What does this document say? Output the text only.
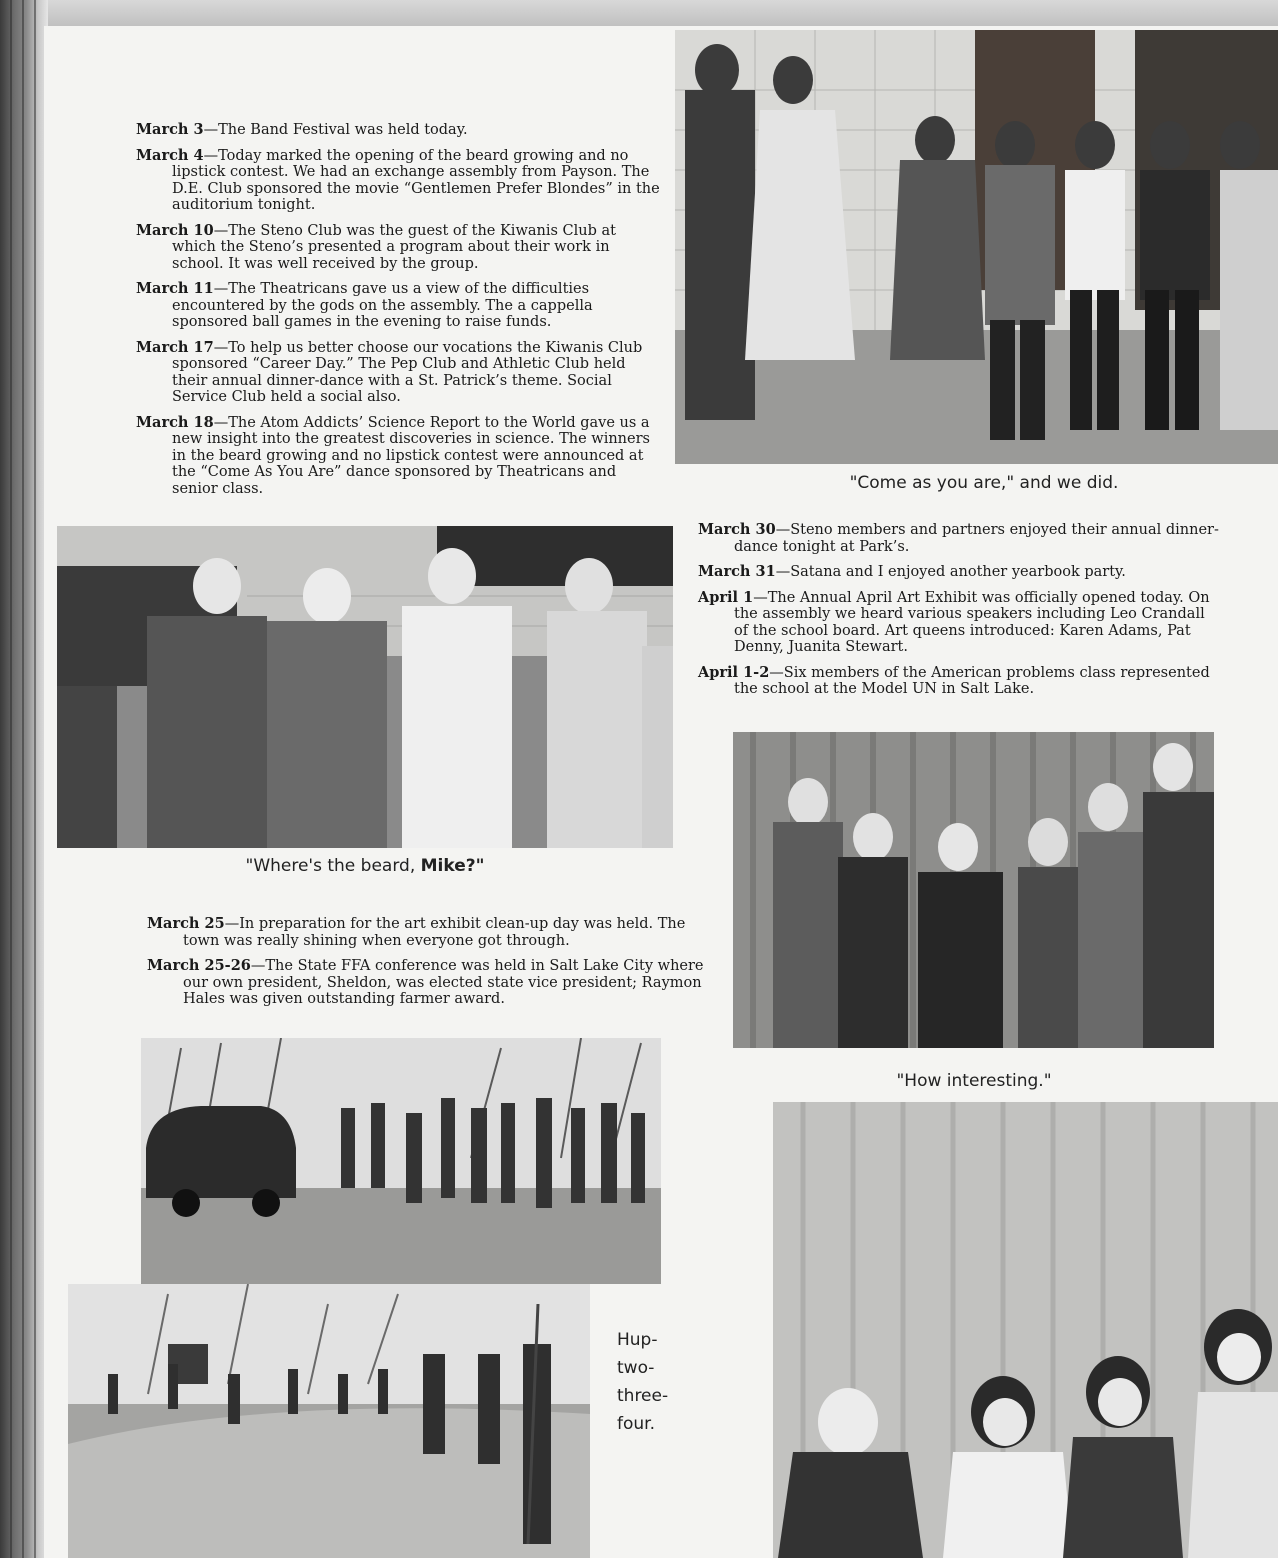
March 3—The Band Festival was held today.

March 4—Today marked the opening of the beard growing and no lipstick contest. We had an exchange assembly from Payson. The D.E. Club sponsored the movie “Gentlemen Prefer Blondes” in the auditorium tonight.

March 10—The Steno Club was the guest of the Kiwanis Club at which the Steno’s presented a program about their work in school. It was well received by the group.

March 11—The Theatricans gave us a view of the difficulties encountered by the gods on the assembly. The a cappella sponsored ball games in the evening to raise funds.

March 17—To help us better choose our vocations the Kiwanis Club sponsored “Career Day.” The Pep Club and Athletic Club held their annual dinner-dance with a St. Patrick’s theme. Social Service Club held a social also.

March 18—The Atom Addicts’ Science Report to the World gave us a new insight into the greatest discoveries in science. The winners in the beard growing and no lipstick contest were announced at the “Come As You Are” dance sponsored by Theatricans and senior class.	"Come as you are," and we did.
"Where's the beard, Mike?"

March 30—Steno members and partners enjoyed their annual dinner-dance tonight at Park’s.

March 31—Satana and I enjoyed another yearbook party.

April 1—The Annual April Art Exhibit was officially opened today. On the assembly we heard various speakers including Leo Crandall of the school board. Art queens introduced: Karen Adams, Pat Denny, Juanita Stewart.

April 1-2—Six members of the American problems class represented the school at the Model UN in Salt Lake.

"How interesting."

March 25—In preparation for the art exhibit clean-up day was held. The town was really shining when everyone got through.

March 25-26—The State FFA conference was held in Salt Lake City where our own president, Sheldon, was elected state vice president; Raymon Hales was given outstanding farmer award.

Hup-
two-
three-
four.
